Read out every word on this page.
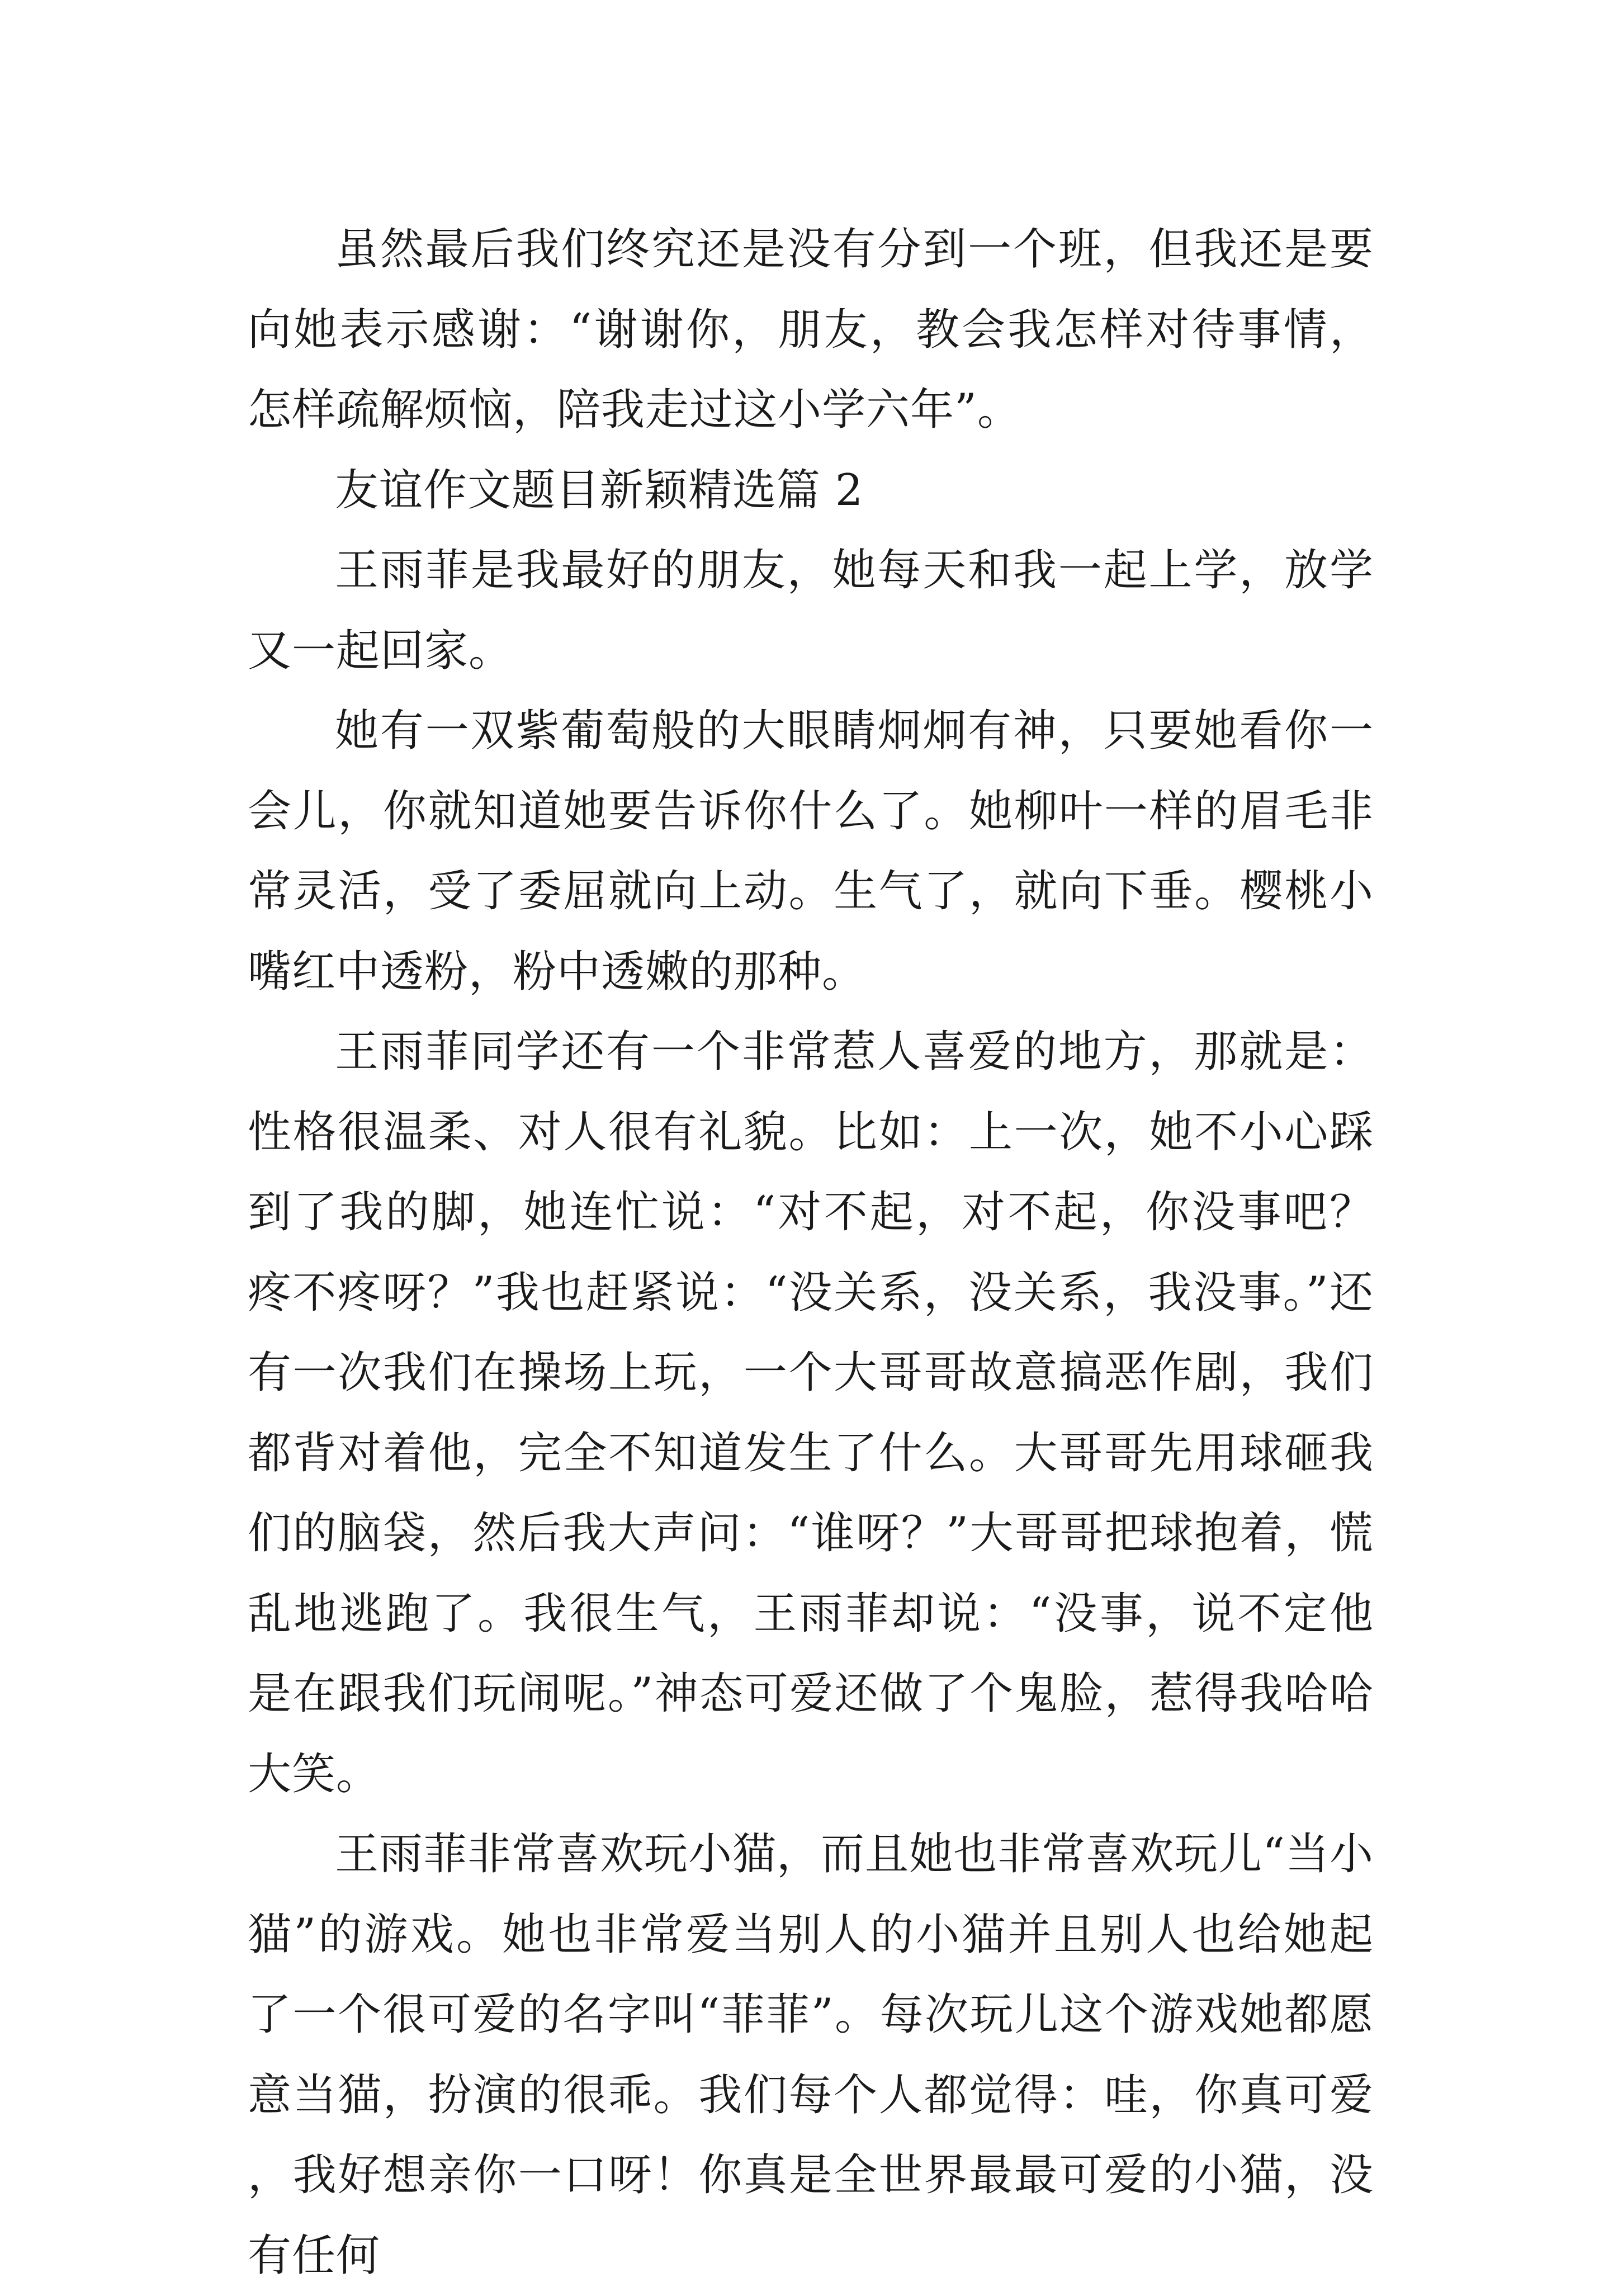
虽然最后我们终究还是没有分到一个班，但我还是要向她表示感谢：“谢谢你，朋友，教会我怎样对待事情，怎样疏解烦恼，陪我走过这小学六年”。

友谊作文题目新颖精选篇 2

王雨菲是我最好的朋友，她每天和我一起上学，放学又一起回家。

她有一双紫葡萄般的大眼睛炯炯有神，只要她看你一会儿，你就知道她要告诉你什么了。她柳叶一样的眉毛非常灵活，受了委屈就向上动。生气了，就向下垂。樱桃小嘴红中透粉，粉中透嫩的那种。

王雨菲同学还有一个非常惹人喜爱的地方，那就是：性格很温柔、对人很有礼貌。比如：上一次，她不小心踩到了我的脚，她连忙说：“对不起，对不起，你没事吧？疼不疼呀？”我也赶紧说：“没关系，没关系，我没事。”还有一次我们在操场上玩，一个大哥哥故意搞恶作剧，我们都背对着他，完全不知道发生了什么。大哥哥先用球砸我们的脑袋，然后我大声问：“谁呀？”大哥哥把球抱着，慌乱地逃跑了。我很生气，王雨菲却说：“没事，说不定他是在跟我们玩闹呢。”神态可爱还做了个鬼脸，惹得我哈哈大笑。

王雨菲非常喜欢玩小猫，而且她也非常喜欢玩儿“当小猫”的游戏。她也非常爱当别人的小猫并且别人也给她起了一个很可爱的名字叫“菲菲”。每次玩儿这个游戏她都愿意当猫，扮演的很乖。我们每个人都觉得：哇，你真可爱，我好想亲你一口呀！你真是全世界最最可爱的小猫，没有任何
